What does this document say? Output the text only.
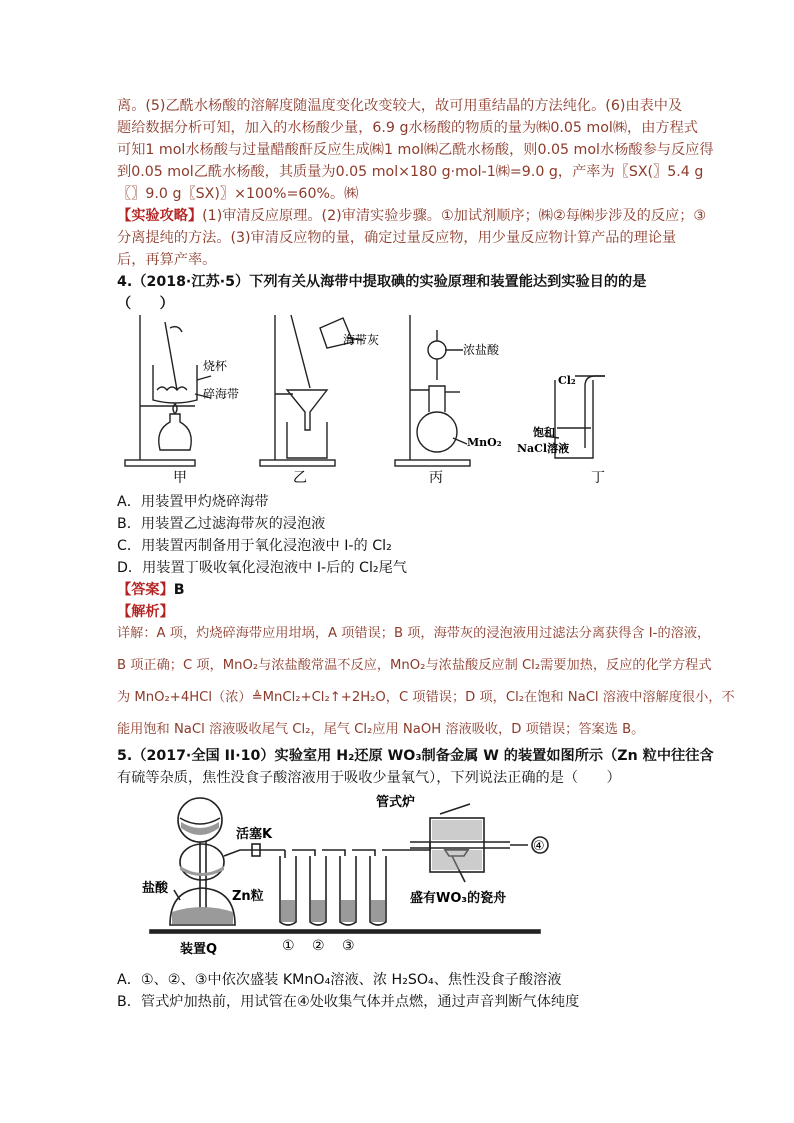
离。(5)乙酰水杨酸的溶解度随温度变化改变较大，故可用重结晶的方法纯化。(6)由表中及
题给数据分析可知，加入的水杨酸少量，6.9 g水杨酸的物质的量为㈱0.05 mol㈱，由方程式
可知1 mol水杨酸与过量醋酸酐反应生成㈱1 mol㈱乙酰水杨酸，则0.05 mol水杨酸参与反应得
到0.05 mol乙酰水杨酸，其质量为0.05 mol×180 g·mol-1㈱=9.0 g，产率为〖SX(〗5.4 g
〖〗9.0 g〖SX)〗×100%=60%。㈱
【实验攻略】(1)审清反应原理。(2)审清实验步骤。①加试剂顺序；㈱②每㈱步涉及的反应；③
分离提纯的方法。(3)审清反应物的量，确定过量反应物，用少量反应物计算产品的理论量
后，再算产率。
4.（2018·江苏·5）下列有关从海带中提取碘的实验原理和装置能达到实验目的的是
（　　）
烧杯
碎海带
海带灰
浓盐酸
MnO₂
Cl₂
饱和
NaCl溶液
甲	乙	丙	丁
A．用装置甲灼烧碎海带
B．用装置乙过滤海带灰的浸泡液
C．用装置丙制备用于氧化浸泡液中 I-的 Cl₂
D．用装置丁吸收氧化浸泡液中 I-后的 Cl₂尾气
【答案】B
【解析】
详解：A 项，灼烧碎海带应用坩埚，A 项错误；B 项，海带灰的浸泡液用过滤法分离获得含 I-的溶液，
B 项正确；C 项，MnO₂与浓盐酸常温不反应，MnO₂与浓盐酸反应制 Cl₂需要加热，反应的化学方程式
为 MnO₂+4HCl（浓）≜MnCl₂+Cl₂↑+2H₂O，C 项错误；D 项，Cl₂在饱和 NaCl 溶液中溶解度很小，不
能用饱和 NaCl 溶液吸收尾气 Cl₂，尾气 Cl₂应用 NaOH 溶液吸收，D 项错误；答案选 B。
5.（2017·全国 II·10）实验室用 H₂还原 WO₃制备金属 W 的装置如图所示（Zn 粒中往往含
有硫等杂质，焦性没食子酸溶液用于吸收少量氧气），下列说法正确的是（　　）
管式炉
活塞K
Zn粒
盐酸
装置Q
盛有WO₃的瓷舟
① ② ③
④
A．①、②、③中依次盛装 KMnO₄溶液、浓 H₂SO₄、焦性没食子酸溶液
B．管式炉加热前，用试管在④处收集气体并点燃，通过声音判断气体纯度
